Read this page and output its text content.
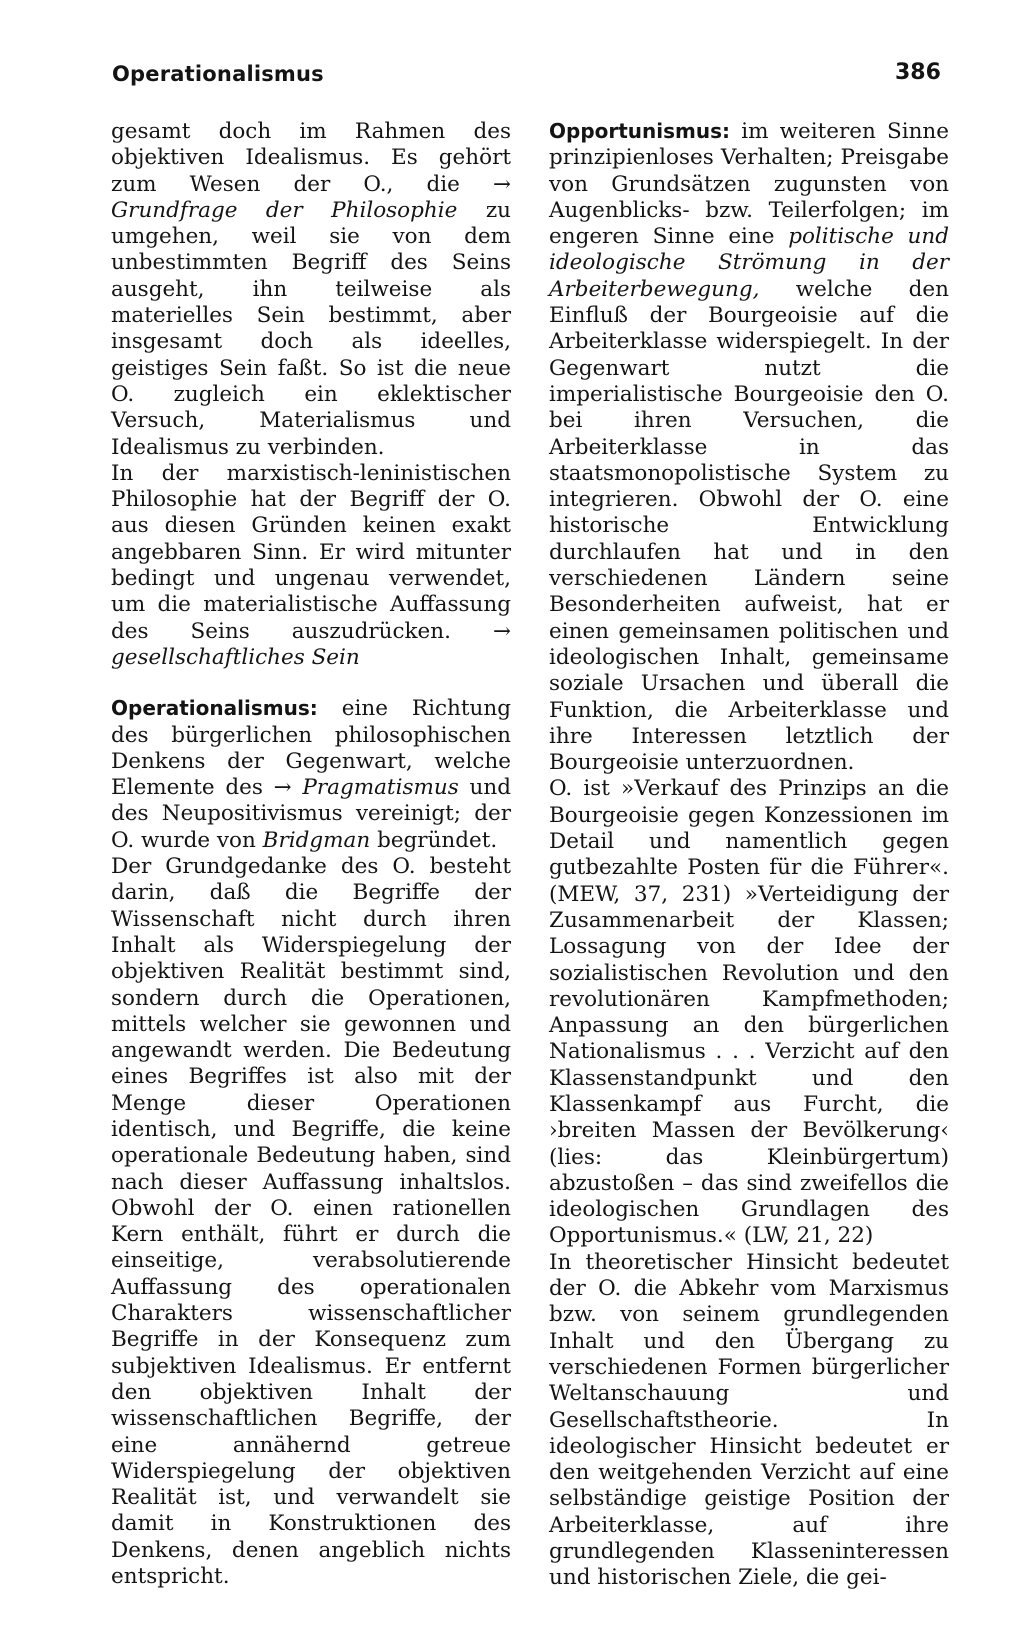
Operationalismus	386

gesamt doch im Rahmen des objektiven Idealismus. Es gehört zum Wesen der O., die → Grundfrage der Philosophie zu umgehen, weil sie von dem unbestimmten Begriff des Seins ausgeht, ihn teilweise als materielles Sein bestimmt, aber insgesamt doch als ideelles, geistiges Sein faßt. So ist die neue O. zugleich ein eklektischer Versuch, Materialismus und Idealismus zu verbinden.

In der marxistisch-leninistischen Philosophie hat der Begriff der O. aus diesen Gründen keinen exakt angebbaren Sinn. Er wird mitunter bedingt und ungenau verwendet, um die materialistische Auffassung des Seins auszudrücken. → gesellschaftliches Sein

Operationalismus: eine Richtung des bürgerlichen philosophischen Denkens der Gegenwart, welche Elemente des → Pragmatismus und des Neupositivismus vereinigt; der O. wurde von Bridgman begründet.

Der Grundgedanke des O. besteht darin, daß die Begriffe der Wissenschaft nicht durch ihren Inhalt als Widerspiegelung der objektiven Realität bestimmt sind, sondern durch die Operationen, mittels welcher sie gewonnen und angewandt werden. Die Bedeutung eines Begriffes ist also mit der Menge dieser Operationen identisch, und Begriffe, die keine operationale Bedeutung haben, sind nach dieser Auffassung inhaltslos. Obwohl der O. einen rationellen Kern enthält, führt er durch die einseitige, verabsolutierende Auffassung des operationalen Charakters wissenschaftlicher Begriffe in der Konsequenz zum subjektiven Idealismus. Er entfernt den objektiven Inhalt der wissenschaftlichen Begriffe, der eine annähernd getreue Widerspiegelung der objektiven Realität ist, und verwandelt sie damit in Konstruktionen des Denkens, denen angeblich nichts entspricht.

Opportunismus: im weiteren Sinne prinzipienloses Verhalten; Preisgabe von Grundsätzen zugunsten von Augenblicks- bzw. Teilerfolgen; im engeren Sinne eine politische und ideologische Strömung in der Arbeiterbewegung, welche den Einfluß der Bourgeoisie auf die Arbeiterklasse widerspiegelt. In der Gegenwart nutzt die imperialistische Bourgeoisie den O. bei ihren Versuchen, die Arbeiterklasse in das staatsmonopolistische System zu integrieren. Obwohl der O. eine historische Entwicklung durchlaufen hat und in den verschiedenen Ländern seine Besonderheiten aufweist, hat er einen gemeinsamen politischen und ideologischen Inhalt, gemeinsame soziale Ursachen und überall die Funktion, die Arbeiterklasse und ihre Interessen letztlich der Bourgeoisie unterzuordnen.

O. ist »Verkauf des Prinzips an die Bourgeoisie gegen Konzessionen im Detail und namentlich gegen gutbezahlte Posten für die Führer«. (MEW, 37, 231) »Verteidigung der Zusammenarbeit der Klassen; Lossagung von der Idee der sozialistischen Revolution und den revolutionären Kampfmethoden; Anpassung an den bürgerlichen Nationalismus . . . Verzicht auf den Klassenstandpunkt und den Klassenkampf aus Furcht, die ›breiten Massen der Bevölkerung‹ (lies: das Kleinbürgertum) abzustoßen – das sind zweifellos die ideologischen Grundlagen des Opportunismus.« (LW, 21, 22)

In theoretischer Hinsicht bedeutet der O. die Abkehr vom Marxismus bzw. von seinem grundlegenden Inhalt und den Übergang zu verschiedenen Formen bürgerlicher Weltanschauung und Gesellschaftstheorie. In ideologischer Hinsicht bedeutet er den weitgehenden Verzicht auf eine selbständige geistige Position der Arbeiterklasse, auf ihre grundlegenden Klasseninteressen und historischen Ziele, die gei-
